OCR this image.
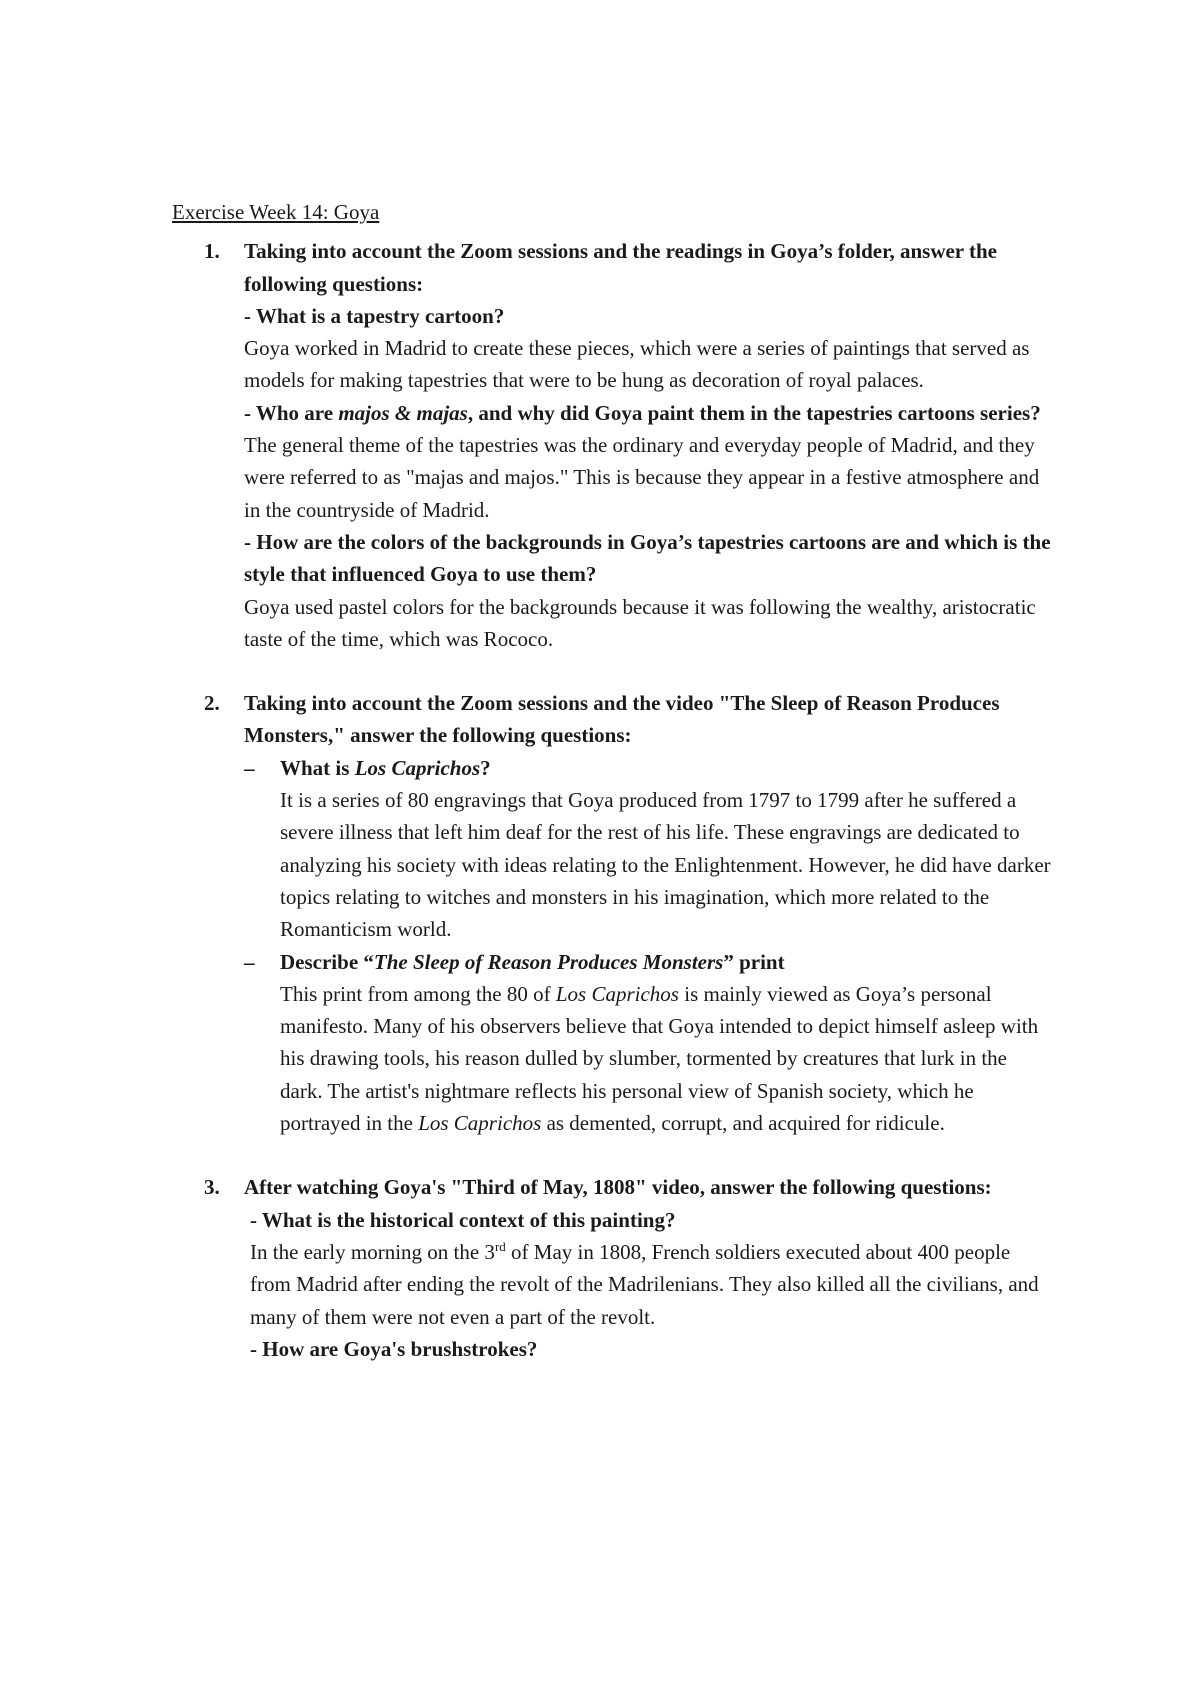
Exercise Week 14: Goya
1. Taking into account the Zoom sessions and the readings in Goya’s folder, answer the following questions:
- What is a tapestry cartoon?
Goya worked in Madrid to create these pieces, which were a series of paintings that served as models for making tapestries that were to be hung as decoration of royal palaces.
- Who are majos & majas, and why did Goya paint them in the tapestries cartoons series?
The general theme of the tapestries was the ordinary and everyday people of Madrid, and they were referred to as "majas and majos." This is because they appear in a festive atmosphere and in the countryside of Madrid.
- How are the colors of the backgrounds in Goya’s tapestries cartoons are and which is the style that influenced Goya to use them?
Goya used pastel colors for the backgrounds because it was following the wealthy, aristocratic taste of the time, which was Rococo.
2. Taking into account the Zoom sessions and the video "The Sleep of Reason Produces Monsters," answer the following questions:
– What is Los Caprichos?
It is a series of 80 engravings that Goya produced from 1797 to 1799 after he suffered a severe illness that left him deaf for the rest of his life. These engravings are dedicated to analyzing his society with ideas relating to the Enlightenment. However, he did have darker topics relating to witches and monsters in his imagination, which more related to the Romanticism world.
– Describe “The Sleep of Reason Produces Monsters” print
This print from among the 80 of Los Caprichos is mainly viewed as Goya’s personal manifesto. Many of his observers believe that Goya intended to depict himself asleep with his drawing tools, his reason dulled by slumber, tormented by creatures that lurk in the dark. The artist's nightmare reflects his personal view of Spanish society, which he portrayed in the Los Caprichos as demented, corrupt, and acquired for ridicule.
3. After watching Goya's "Third of May, 1808" video, answer the following questions:
- What is the historical context of this painting?
In the early morning on the 3rd of May in 1808, French soldiers executed about 400 people from Madrid after ending the revolt of the Madrilenians. They also killed all the civilians, and many of them were not even a part of the revolt.
- How are Goya's brushstrokes?
